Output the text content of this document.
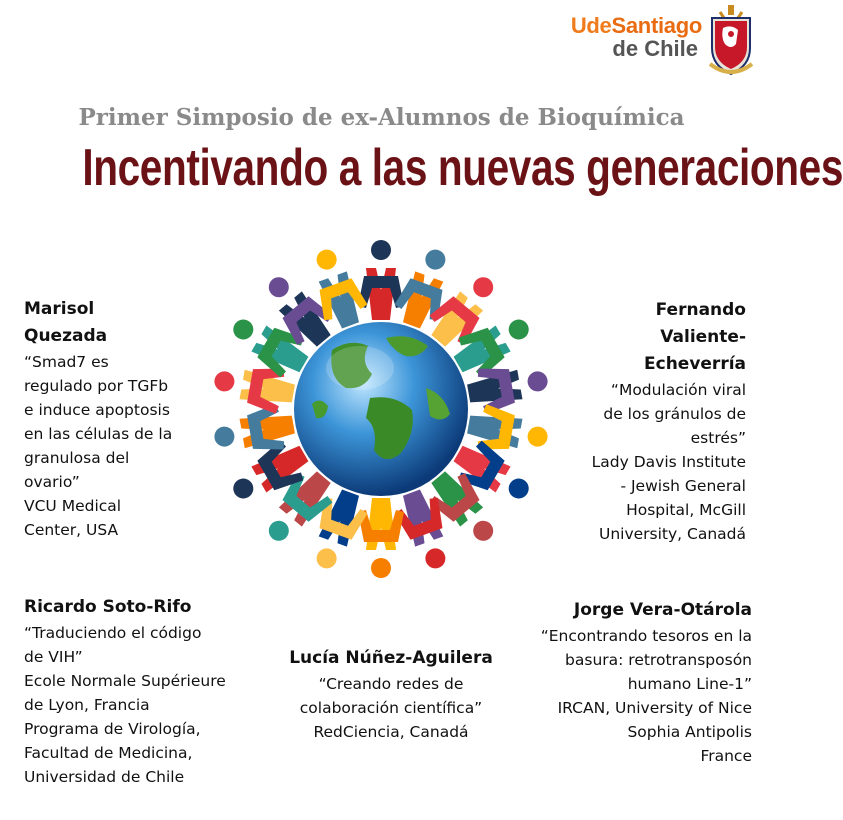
UdeSantiago
de Chile
Primer Simposio de ex-Alumnos de Bioquímica
Incentivando a las nuevas generaciones
Marisol
Quezada
“Smad7 es
regulado por TGFb
e induce apoptosis
en las células de la
granulosa del
ovario”
VCU Medical
Center, USA
Fernando
Valiente-
Echeverría
“Modulación viral
de los gránulos de
estrés”
Lady Davis Institute
- Jewish General
Hospital, McGill
University, Canadá
Ricardo Soto-Rifo
“Traduciendo el código
de VIH”
Ecole Normale Supérieure
de Lyon, Francia
Programa de Virología,
Facultad de Medicina,
Universidad de Chile
Lucía Núñez-Aguilera
“Creando redes de
colaboración científica”
RedCiencia, Canadá
Jorge Vera-Otárola
“Encontrando tesoros en la
basura: retrotransposón
humano Line-1”
IRCAN, University of Nice
Sophia Antipolis
France
